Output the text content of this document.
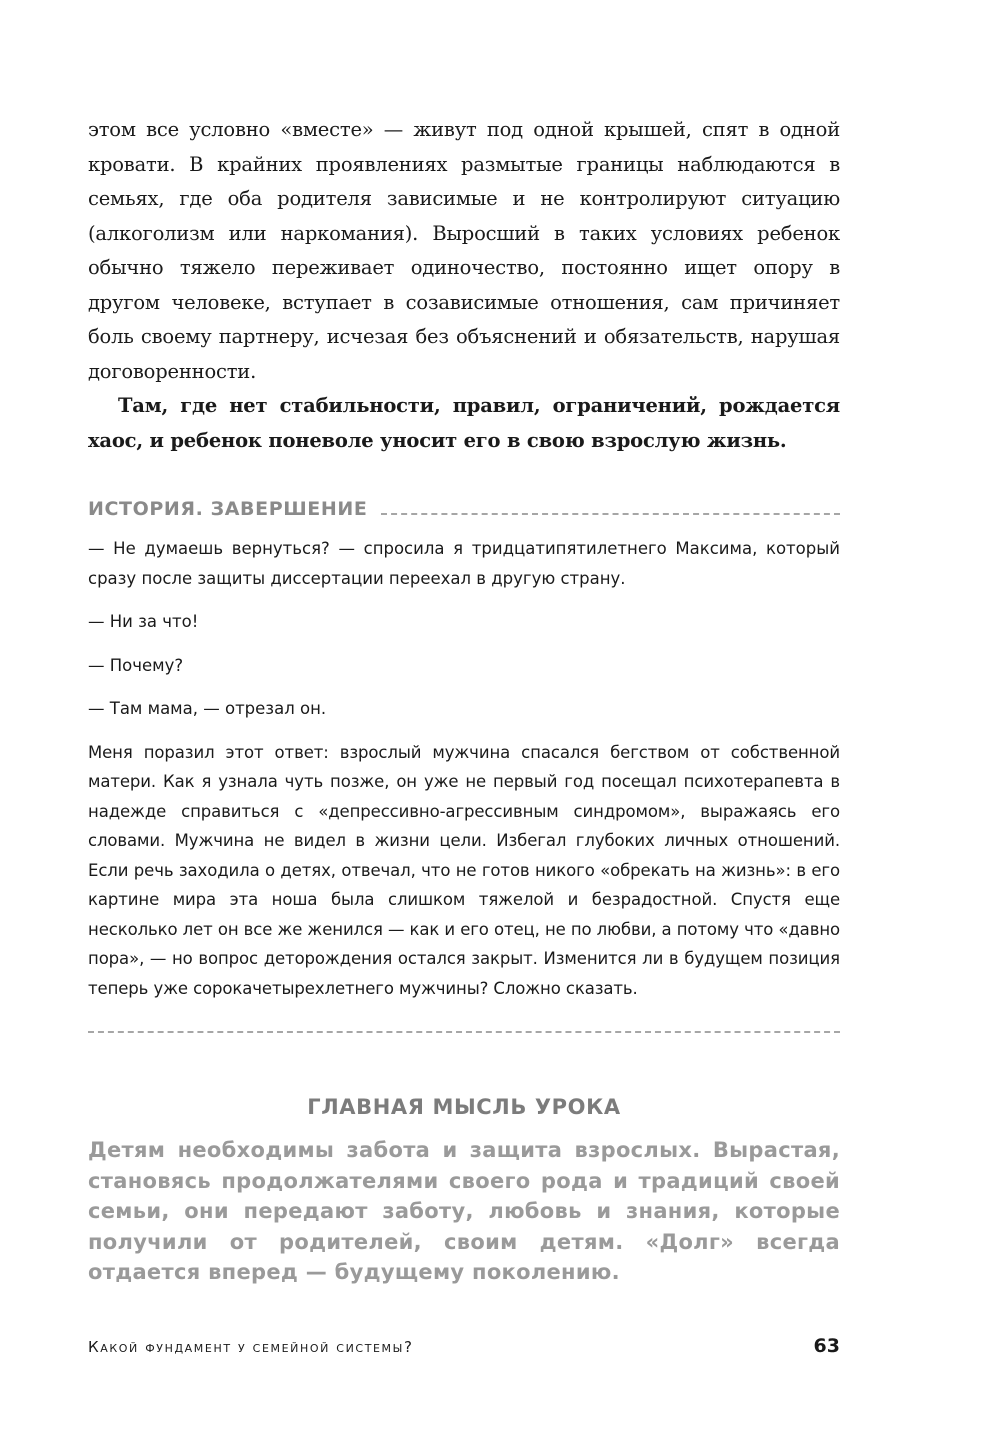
этом все условно «вместе» — живут под одной крышей, спят в одной кровати. В крайних проявлениях размытые границы наблюдаются в семьях, где оба родителя зависимые и не контролируют ситуацию (алкоголизм или наркомания). Выросший в таких условиях ребенок обычно тяжело переживает одиночество, постоянно ищет опору в другом человеке, вступает в созависимые отношения, сам причиняет боль своему партнеру, исчезая без объяснений и обязательств, нарушая договоренности.

Там, где нет стабильности, правил, ограничений, рождается хаос, и ребенок поневоле уносит его в свою взрослую жизнь.

ИСТОРИЯ. ЗАВЕРШЕНИЕ

— Не думаешь вернуться? — спросила я тридцатипятилетнего Максима, который сразу после защиты диссертации переехал в другую страну.

— Ни за что!

— Почему?

— Там мама, — отрезал он.

Меня поразил этот ответ: взрослый мужчина спасался бегством от собственной матери. Как я узнала чуть позже, он уже не первый год посещал психотерапевта в надежде справиться с «депрессивно-агрессивным синдромом», выражаясь его словами. Мужчина не видел в жизни цели. Избегал глубоких личных отношений. Если речь заходила о детях, отвечал, что не готов никого «обрекать на жизнь»: в его картине мира эта ноша была слишком тяжелой и безрадостной. Спустя еще несколько лет он все же женился — как и его отец, не по любви, а потому что «давно пора», — но вопрос деторождения остался закрыт. Изменится ли в будущем позиция теперь уже сорокачетырехлетнего мужчины? Сложно сказать.

ГЛАВНАЯ МЫСЛЬ УРОКА

Детям необходимы забота и защита взрослых. Вырастая, становясь продолжателями своего рода и традиций своей семьи, они передают заботу, любовь и знания, которые получили от родителей, своим детям. «Долг» всегда отдается вперед — будущему поколению.

Какой фундамент у семейной системы?	63
